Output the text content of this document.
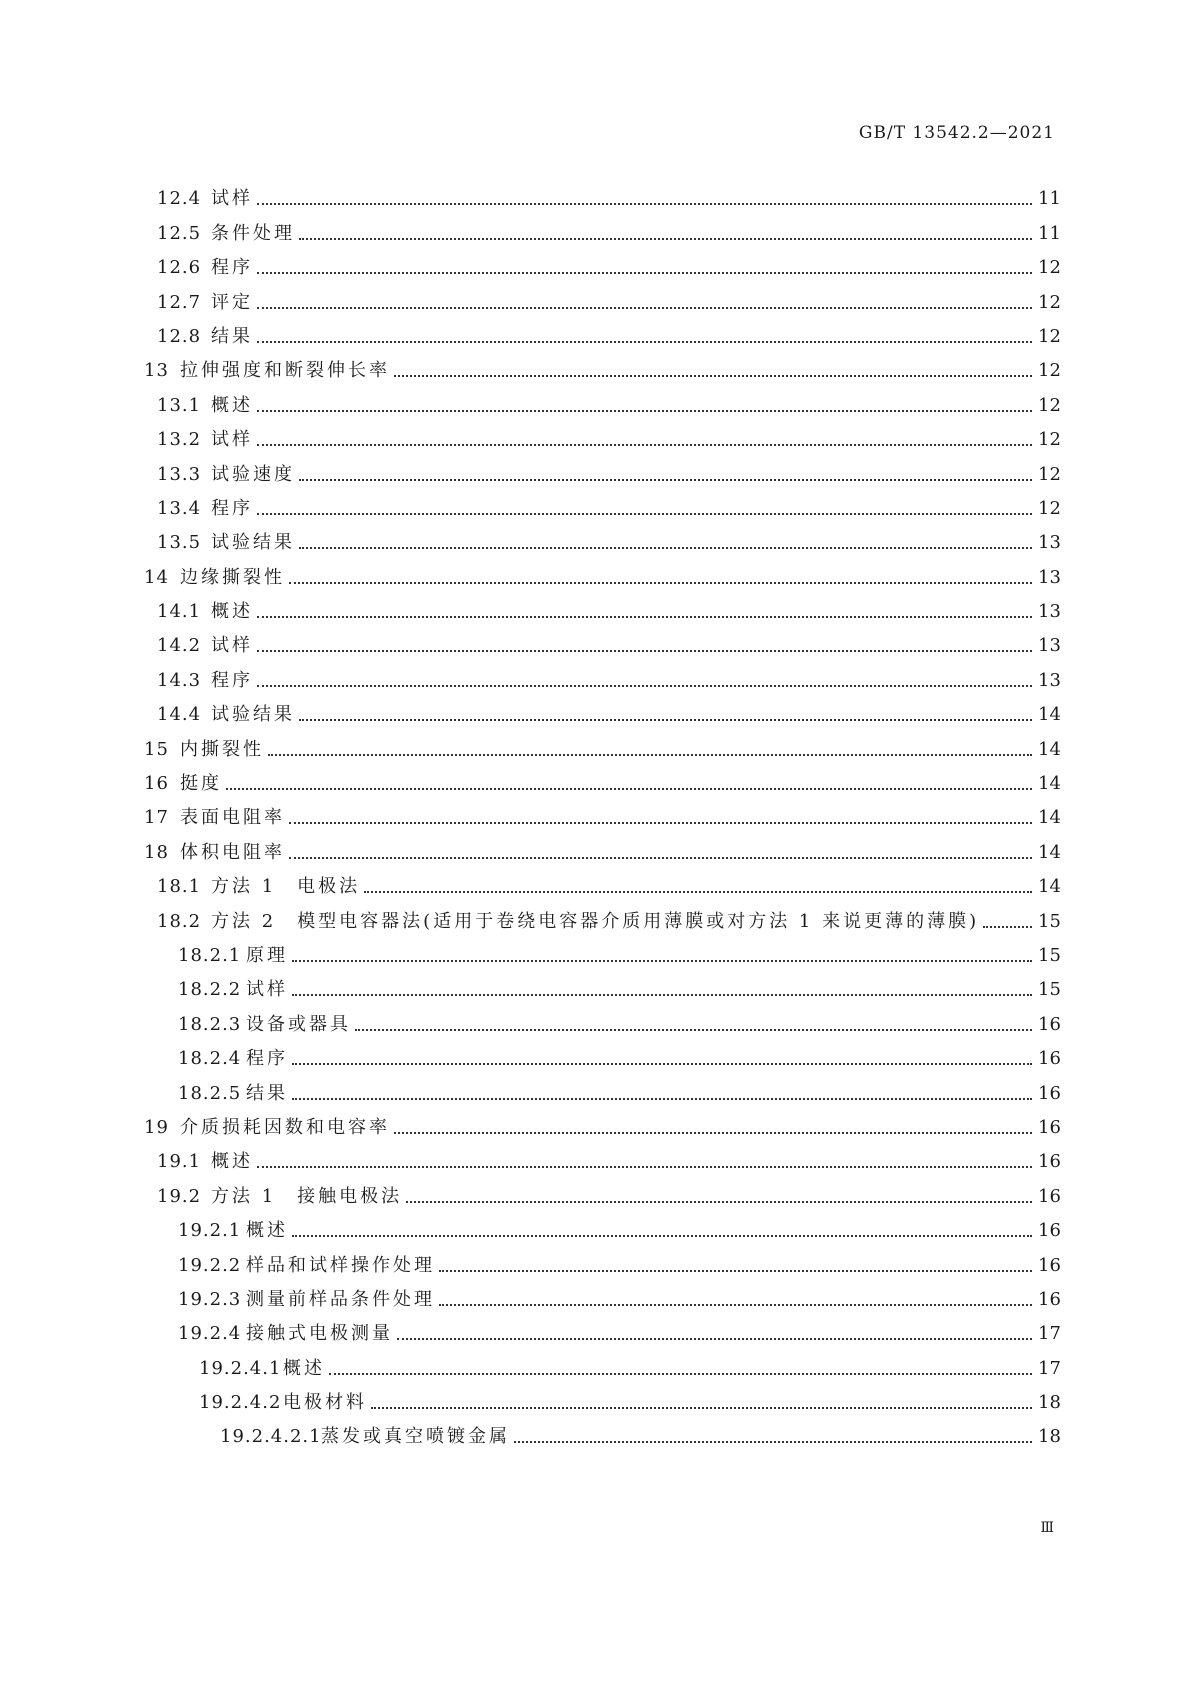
GB/T 13542.2—2021
12.4 试样	11
12.5 条件处理	11
12.6 程序	12
12.7 评定	12
12.8 结果	12
13 拉伸强度和断裂伸长率	12
13.1 概述	12
13.2 试样	12
13.3 试验速度	12
13.4 程序	12
13.5 试验结果	13
14 边缘撕裂性	13
14.1 概述	13
14.2 试样	13
14.3 程序	13
14.4 试验结果	14
15 内撕裂性	14
16 挺度	14
17 表面电阻率	14
18 体积电阻率	14
18.1 方法 1　电极法	14
18.2 方法 2　模型电容器法(适用于卷绕电容器介质用薄膜或对方法 1 来说更薄的薄膜)	15
18.2.1 原理	15
18.2.2 试样	15
18.2.3 设备或器具	16
18.2.4 程序	16
18.2.5 结果	16
19 介质损耗因数和电容率	16
19.1 概述	16
19.2 方法 1　接触电极法	16
19.2.1 概述	16
19.2.2 样品和试样操作处理	16
19.2.3 测量前样品条件处理	16
19.2.4 接触式电极测量	17
19.2.4.1 概述	17
19.2.4.2 电极材料	18
19.2.4.2.1 蒸发或真空喷镀金属	18
Ⅲ
